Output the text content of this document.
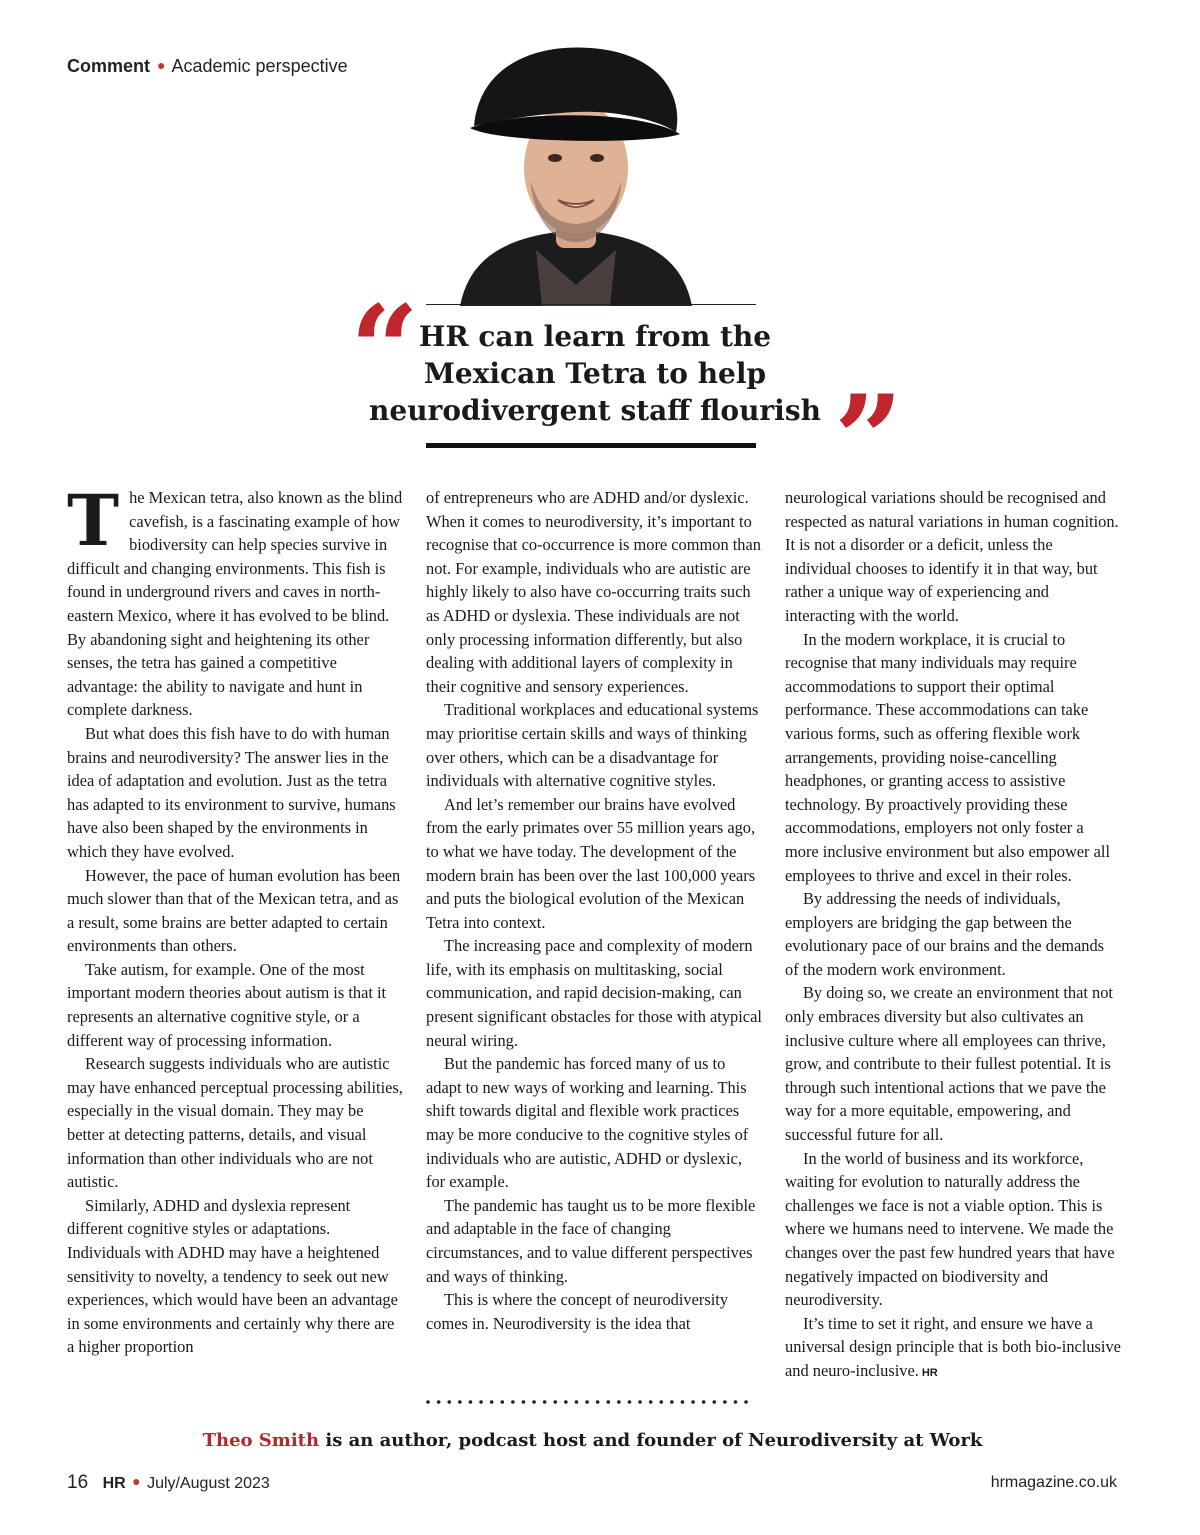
Comment ● Academic perspective
“ HR can learn from the Mexican Tetra to help neurodivergent staff flourish ”

The Mexican tetra, also known as the blind cavefish, is a fascinating example of how biodiversity can help species survive in difficult and changing environments. This fish is found in underground rivers and caves in north-eastern Mexico, where it has evolved to be blind. By abandoning sight and heightening its other senses, the tetra has gained a competitive advantage: the ability to navigate and hunt in complete darkness.

But what does this fish have to do with human brains and neurodiversity? The answer lies in the idea of adaptation and evolution. Just as the tetra has adapted to its environment to survive, humans have also been shaped by the environments in which they have evolved.

However, the pace of human evolution has been much slower than that of the Mexican tetra, and as a result, some brains are better adapted to certain environments than others.

Take autism, for example. One of the most important modern theories about autism is that it represents an alternative cognitive style, or a different way of processing information.

Research suggests individuals who are autistic may have enhanced perceptual processing abilities, especially in the visual domain. They may be better at detecting patterns, details, and visual information than other individuals who are not autistic.

Similarly, ADHD and dyslexia represent different cognitive styles or adaptations. Individuals with ADHD may have a heightened sensitivity to novelty, a tendency to seek out new experiences, which would have been an advantage in some environments and certainly why there are a higher proportion

of entrepreneurs who are ADHD and/or dyslexic. When it comes to neurodiversity, it’s important to recognise that co-occurrence is more common than not. For example, individuals who are autistic are highly likely to also have co-occurring traits such as ADHD or dyslexia. These individuals are not only processing information differently, but also dealing with additional layers of complexity in their cognitive and sensory experiences.

Traditional workplaces and educational systems may prioritise certain skills and ways of thinking over others, which can be a disadvantage for individuals with alternative cognitive styles.

And let’s remember our brains have evolved from the early primates over 55 million years ago, to what we have today. The development of the modern brain has been over the last 100,000 years and puts the biological evolution of the Mexican Tetra into context.

The increasing pace and complexity of modern life, with its emphasis on multitasking, social communication, and rapid decision-making, can present significant obstacles for those with atypical neural wiring.

But the pandemic has forced many of us to adapt to new ways of working and learning. This shift towards digital and flexible work practices may be more conducive to the cognitive styles of individuals who are autistic, ADHD or dyslexic, for example.

The pandemic has taught us to be more flexible and adaptable in the face of changing circumstances, and to value different perspectives and ways of thinking.

This is where the concept of neurodiversity comes in. Neurodiversity is the idea that

neurological variations should be recognised and respected as natural variations in human cognition. It is not a disorder or a deficit, unless the individual chooses to identify it in that way, but rather a unique way of experiencing and interacting with the world.

In the modern workplace, it is crucial to recognise that many individuals may require accommodations to support their optimal performance. These accommodations can take various forms, such as offering flexible work arrangements, providing noise-cancelling headphones, or granting access to assistive technology. By proactively providing these accommodations, employers not only foster a more inclusive environment but also empower all employees to thrive and excel in their roles.

By addressing the needs of individuals, employers are bridging the gap between the evolutionary pace of our brains and the demands of the modern work environment.

By doing so, we create an environment that not only embraces diversity but also cultivates an inclusive culture where all employees can thrive, grow, and contribute to their fullest potential. It is through such intentional actions that we pave the way for a more equitable, empowering, and successful future for all.

In the world of business and its workforce, waiting for evolution to naturally address the challenges we face is not a viable option. This is where we humans need to intervene. We made the changes over the past few hundred years that have negatively impacted on biodiversity and neurodiversity.

It’s time to set it right, and ensure we have a universal design principle that is both bio-inclusive and neuro-inclusive. HR

Theo Smith is an author, podcast host and founder of Neurodiversity at Work
16 HR ● July/August 2023	hrmagazine.co.uk
